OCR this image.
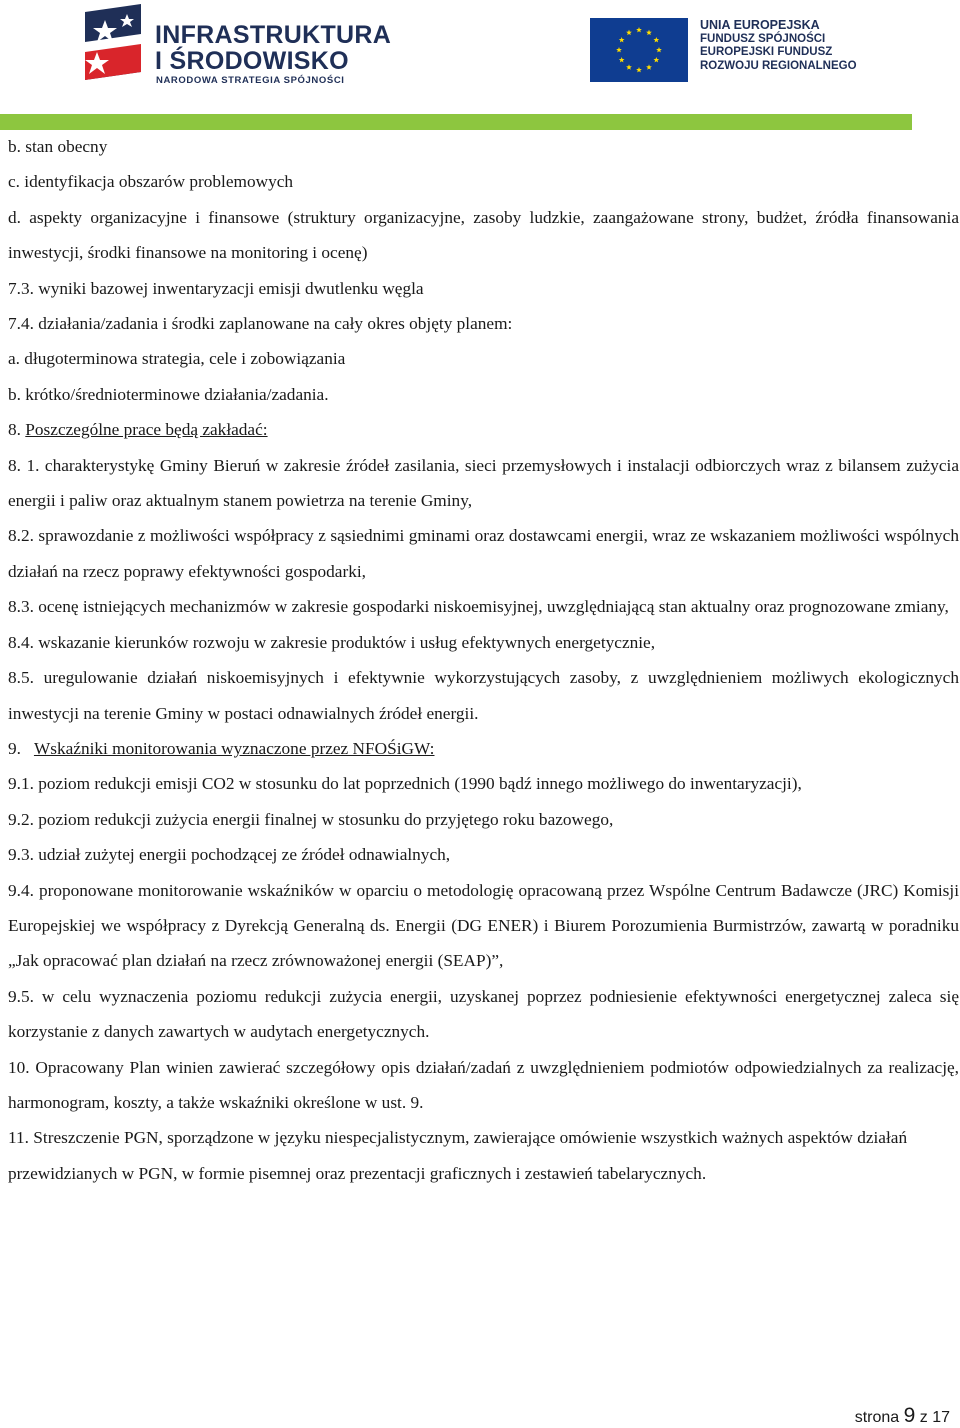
INFRASTRUKTURA
I ŚRODOWISKO
NARODOWA STRATEGIA SPÓJNOŚCI
UNIA EUROPEJSKA
FUNDUSZ SPÓJNOŚCI
EUROPEJSKI FUNDUSZ
ROZWOJU REGIONALNEGO

b. stan obecny

c. identyfikacja obszarów problemowych

d. aspekty organizacyjne i finansowe (struktury organizacyjne, zasoby ludzkie, zaangażowane strony, budżet, źródła finansowania inwestycji, środki finansowe na monitoring i ocenę)

7.3. wyniki bazowej inwentaryzacji emisji dwutlenku węgla

7.4. działania/zadania i środki zaplanowane na cały okres objęty planem:

a. długoterminowa strategia, cele i zobowiązania

b. krótko/średnioterminowe działania/zadania.

8. Poszczególne prace będą zakładać:

8. 1. charakterystykę Gminy Bieruń w zakresie źródeł zasilania, sieci przemysłowych i instalacji odbiorczych wraz z bilansem zużycia energii i paliw oraz aktualnym stanem powietrza na terenie Gminy,

8.2. sprawozdanie z możliwości współpracy z sąsiednimi gminami oraz dostawcami energii, wraz ze wskazaniem możliwości wspólnych działań na rzecz poprawy efektywności gospodarki,

8.3. ocenę istniejących mechanizmów w zakresie gospodarki niskoemisyjnej, uwzględniającą stan aktualny oraz prognozowane zmiany,

8.4. wskazanie kierunków rozwoju w zakresie produktów i usług efektywnych energetycznie,

8.5. uregulowanie działań niskoemisyjnych i efektywnie wykorzystujących zasoby, z uwzględnieniem możliwych ekologicznych inwestycji na terenie Gminy w postaci odnawialnych źródeł energii.

9. Wskaźniki monitorowania wyznaczone przez NFOŚiGW:

9.1. poziom redukcji emisji CO2 w stosunku do lat poprzednich (1990 bądź innego możliwego do inwentaryzacji),

9.2. poziom redukcji zużycia energii finalnej w stosunku do przyjętego roku bazowego,

9.3. udział zużytej energii pochodzącej ze źródeł odnawialnych,

9.4. proponowane monitorowanie wskaźników w oparciu o metodologię opracowaną przez Wspólne Centrum Badawcze (JRC) Komisji Europejskiej we współpracy z Dyrekcją Generalną ds. Energii (DG ENER) i Biurem Porozumienia Burmistrzów, zawartą w poradniku „Jak opracować plan działań na rzecz zrównoważonej energii (SEAP)”,

9.5. w celu wyznaczenia poziomu redukcji zużycia energii, uzyskanej poprzez podniesienie efektywności energetycznej zaleca się korzystanie z danych zawartych w audytach energetycznych.

10. Opracowany Plan winien zawierać szczegółowy opis działań/zadań z uwzględnieniem podmiotów odpowiedzialnych za realizację, harmonogram, koszty, a także wskaźniki określone w ust. 9.

11. Streszczenie PGN, sporządzone w języku niespecjalistycznym, zawierające omówienie wszystkich ważnych aspektów działań przewidzianych w PGN, w formie pisemnej oraz prezentacji graficznych i zestawień tabelarycznych.

strona 9 z 17
